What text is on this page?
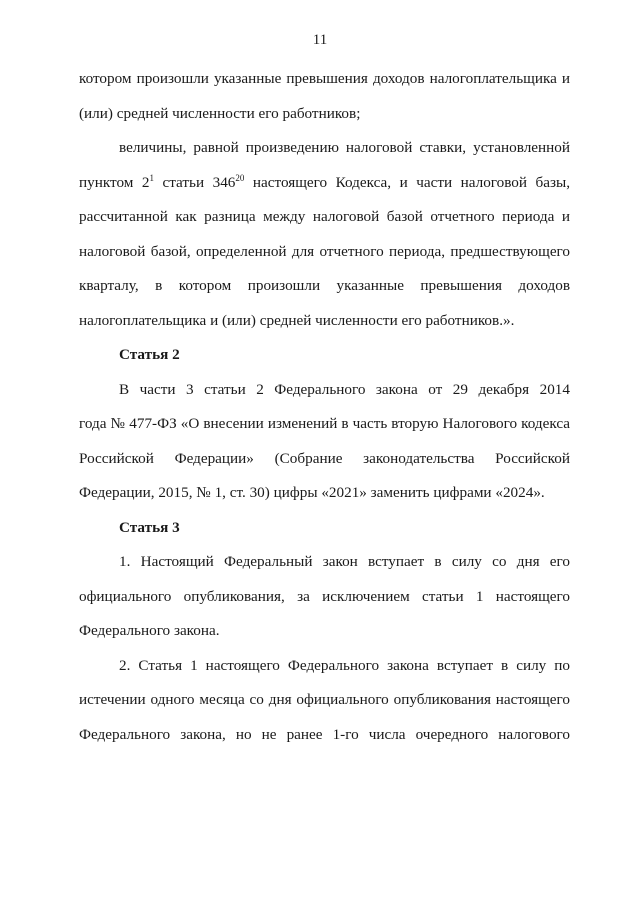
11
котором произошли указанные превышения доходов налогоплательщика и
(или) средней численности его работников;
величины, равной произведению налоговой ставки, установленной
пунктом $2^1$ статьи $346^{20}$ настоящего Кодекса, и части налоговой базы,
рассчитанной как разница между налоговой базой отчетного периода и
налоговой базой, определенной для отчетного периода, предшествующего
кварталу, в котором произошли указанные превышения доходов
налогоплательщика и (или) средней численности его работников.».
Статья 2
В части 3 статьи 2 Федерального закона от 29 декабря 2014
года № 477-ФЗ «О внесении изменений в часть вторую Налогового кодекса
Российской Федерации» (Собрание законодательства Российской
Федерации, 2015, № 1, ст. 30) цифры «2021» заменить цифрами «2024».
Статья 3
1. Настоящий Федеральный закон вступает в силу со дня его
официального опубликования, за исключением статьи 1 настоящего
Федерального закона.
2. Статья 1 настоящего Федерального закона вступает в силу по
истечении одного месяца со дня официального опубликования настоящего
Федерального закона, но не ранее 1-го числа очередного налогового
